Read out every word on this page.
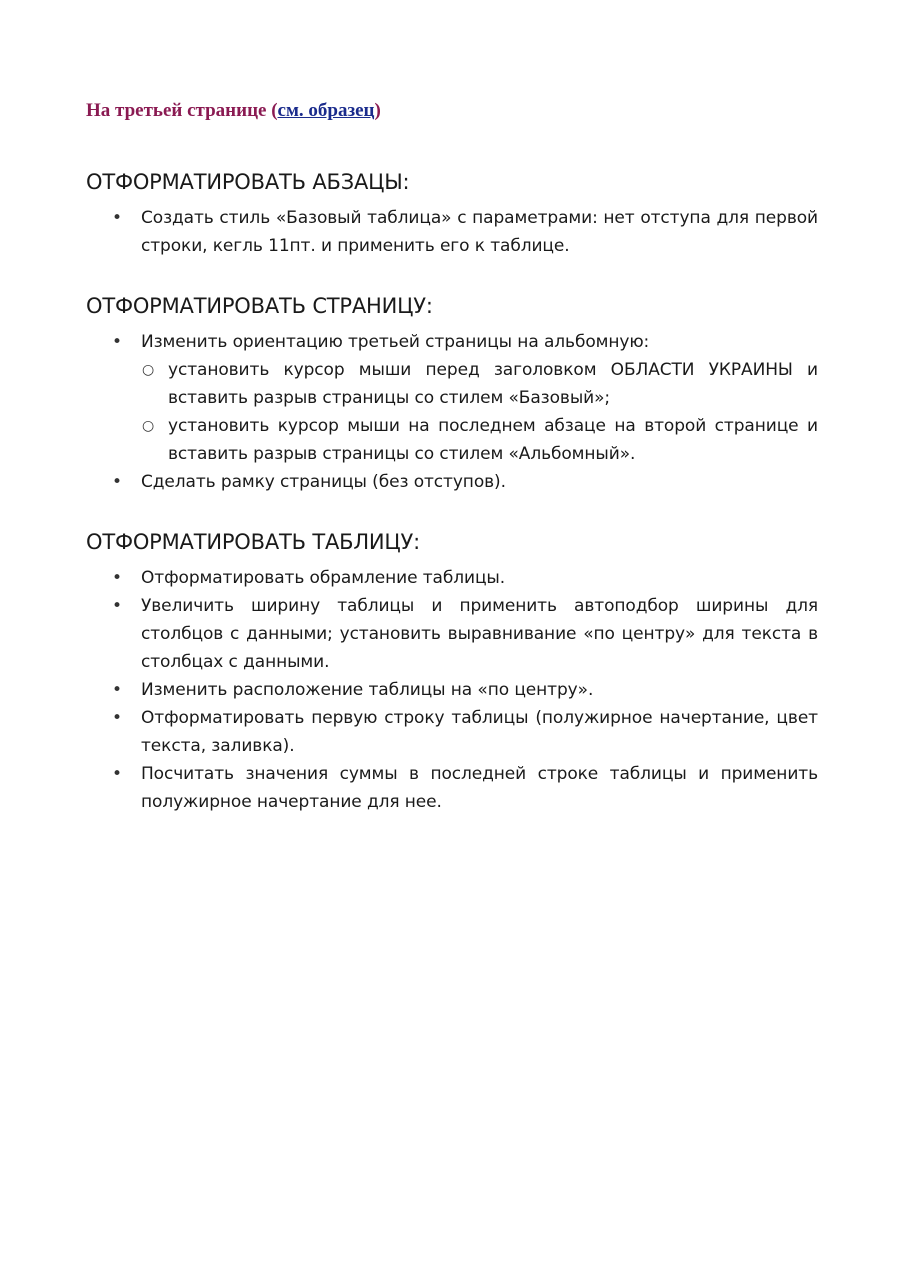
На третьей странице (см. образец)
ОТФОРМАТИРОВАТЬ АБЗАЦЫ:
• Создать стиль «Базовый таблица» с параметрами: нет отступа для первой строки, кегль 11пт. и применить его к таблице.
ОТФОРМАТИРОВАТЬ СТРАНИЦУ:
• Изменить ориентацию третьей страницы на альбомную:
○ установить курсор мыши перед заголовком ОБЛАСТИ УКРАИНЫ и вставить разрыв страницы со стилем «Базовый»;
○ установить курсор мыши на последнем абзаце на второй странице и вставить разрыв страницы со стилем «Альбомный».
• Сделать рамку страницы (без отступов).
ОТФОРМАТИРОВАТЬ ТАБЛИЦУ:
• Отформатировать обрамление таблицы.
• Увеличить ширину таблицы и применить автоподбор ширины для столбцов с данными; установить выравнивание «по центру» для текста в столбцах с данными.
• Изменить расположение таблицы на «по центру».
• Отформатировать первую строку таблицы (полужирное начертание, цвет текста, заливка).
• Посчитать значения суммы в последней строке таблицы и применить полужирное начертание для нее.
